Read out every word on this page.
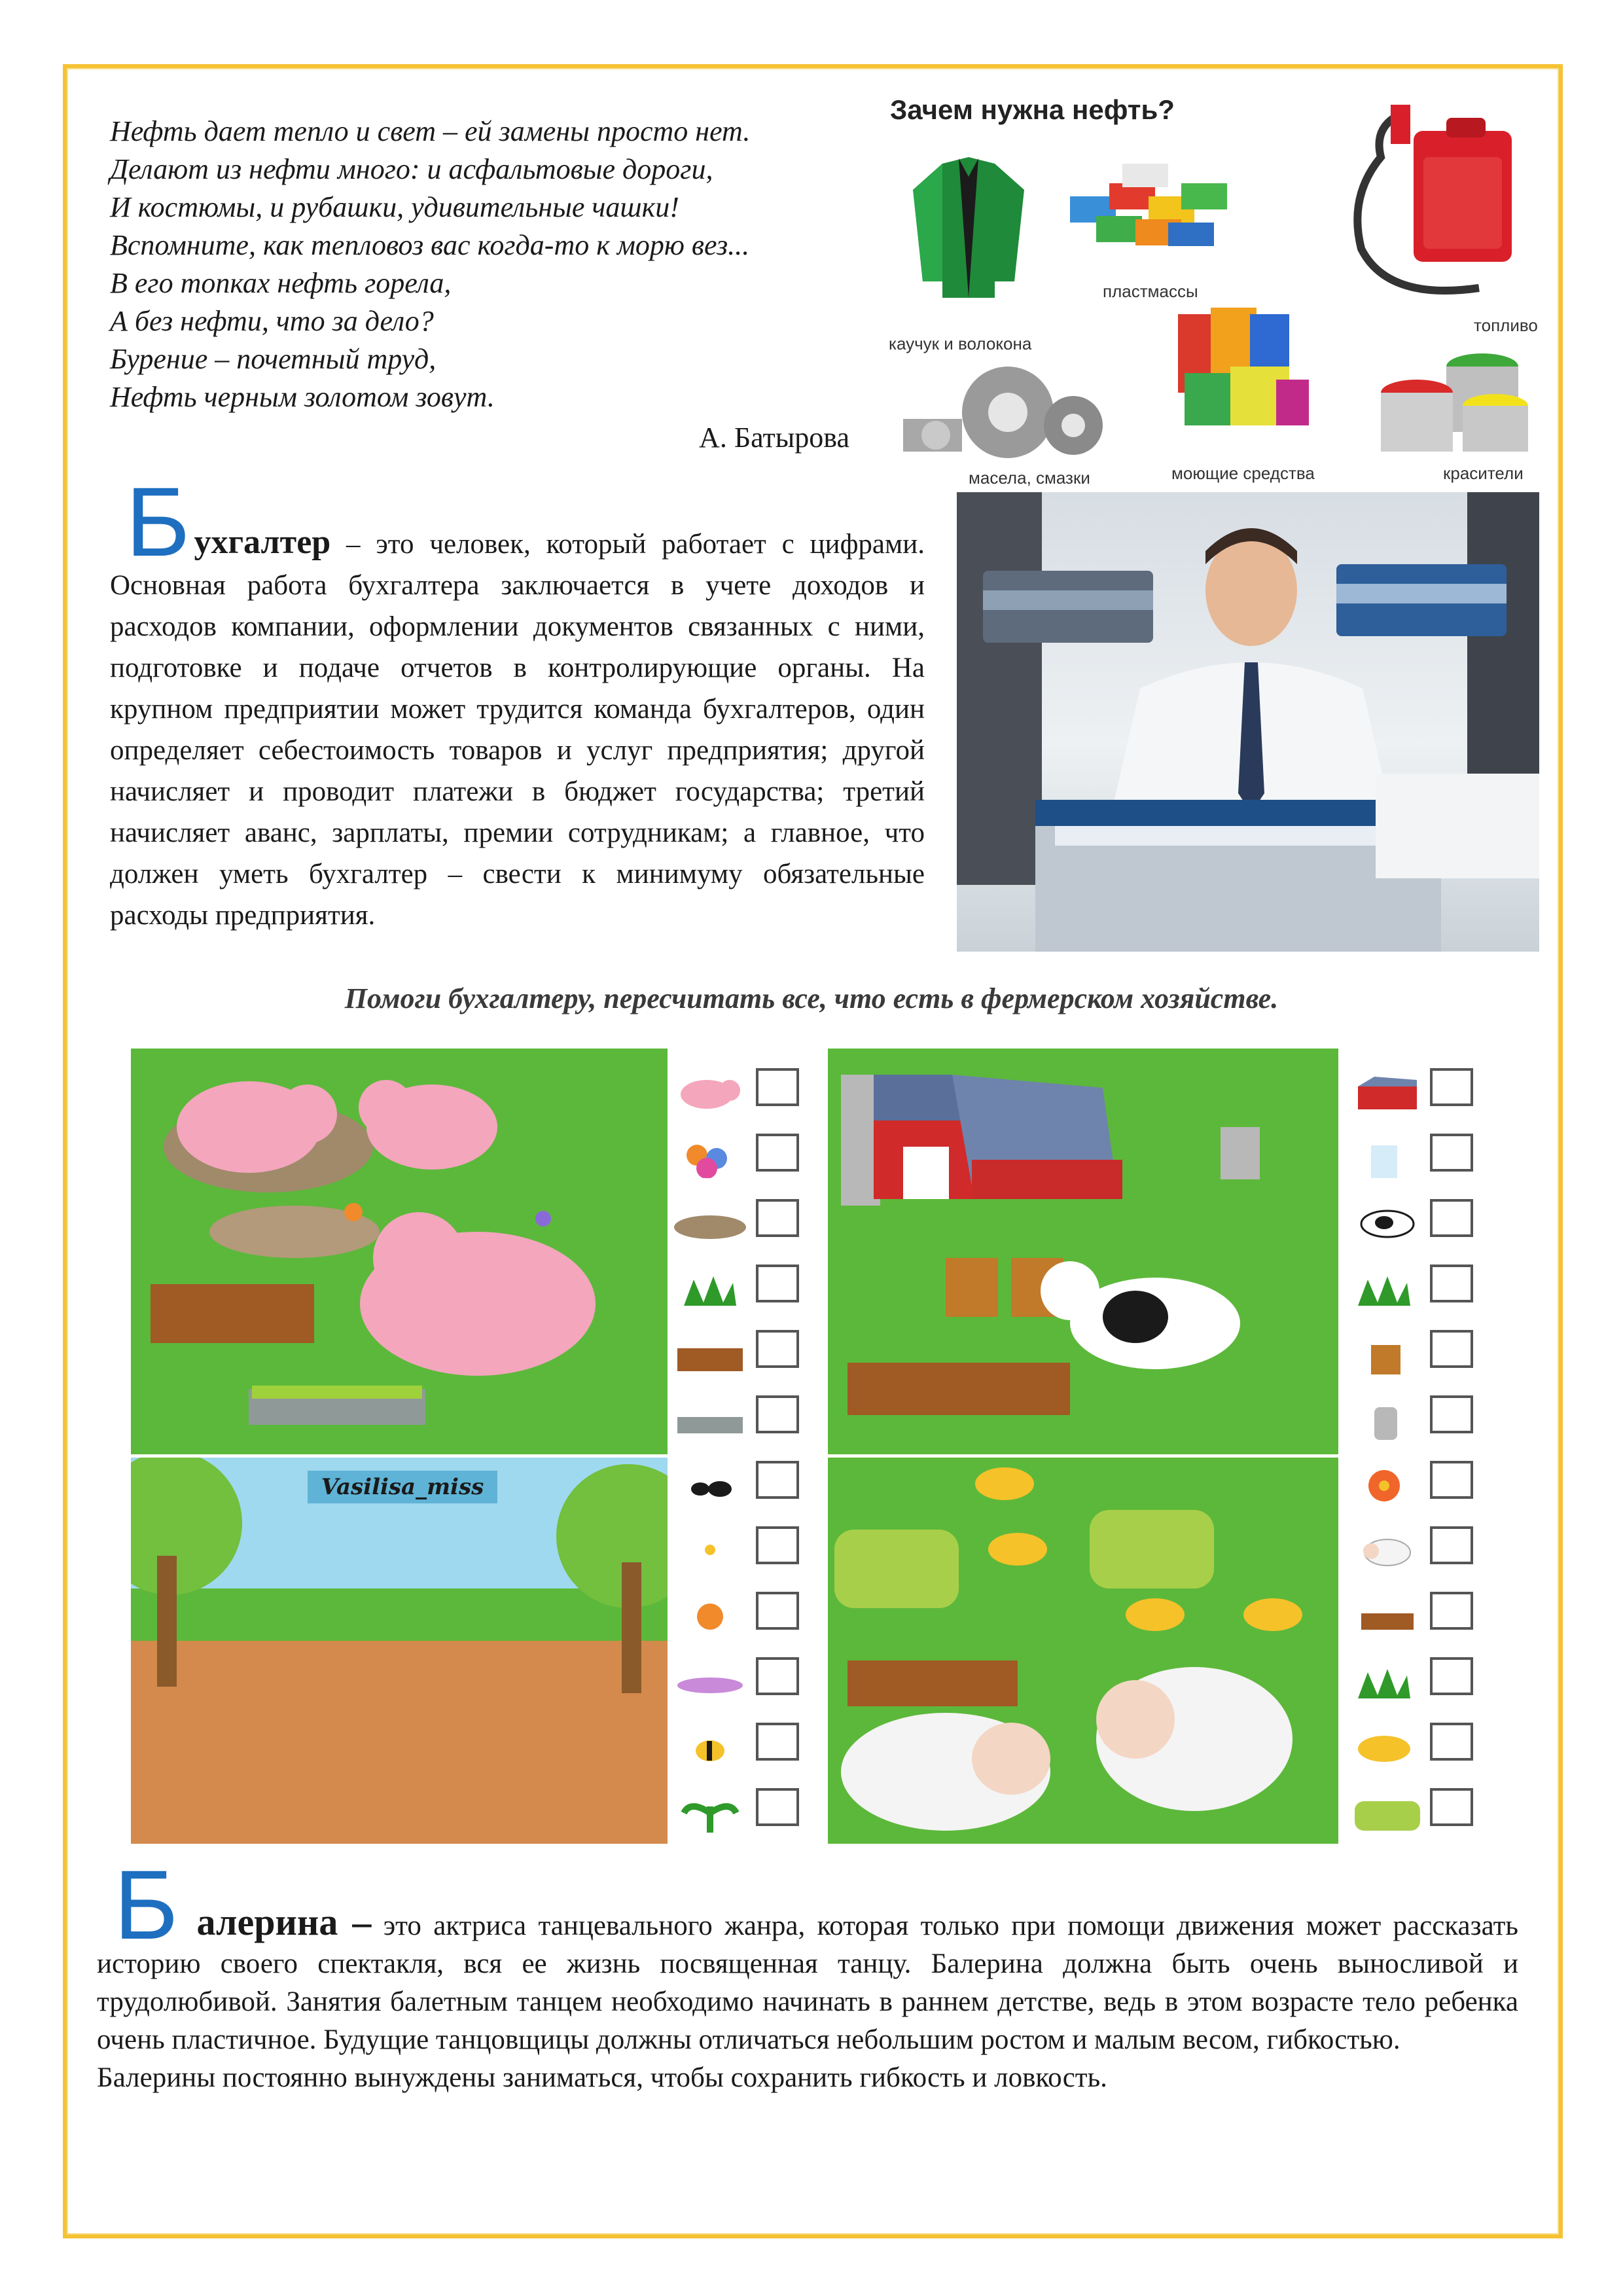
Нефть дает тепло и свет – ей замены просто нет.

Делают из нефти много: и асфальтовые дороги,

И костюмы, и рубашки, удивительные чашки!

Вспомните, как тепловоз вас когда-то к морю вез...

В его топках нефть горела,

А без нефти, что за дело?

Бурение – почетный труд,

Нефть черным золотом зовут.

А. Батырова

Зачем нужна нефть?
пластмассы
топливо
каучук и волокона
масела, смазки	моющие средства	красители
Бухгалтер – это человек, который работает с цифрами. Основная работа бухгалтера заключается в учете доходов и расходов компании, оформлении документов связанных с ними, подготовке и подаче отчетов в контролирующие органы. На крупном предприятии может трудится команда бухгалтеров, один определяет себестоимость товаров и услуг предприятия; другой начисляет и проводит платежи в бюджет государства; третий начисляет аванс, зарплаты, премии сотрудникам; а главное, что должен уметь бухгалтер – свести к минимуму обязательные расходы предприятия.
Помоги бухгалтеру, пересчитать все, что есть в фермерском хозяйстве.
Vasilisa_miss

Балерина – это актриса танцевального жанра, которая только при помощи движения может рассказать историю своего спектакля, вся ее жизнь посвященная танцу. Балерина должна быть очень выносливой и трудолюбивой. Занятия балетным танцем необходимо начинать в раннем детстве, ведь в этом возрасте тело ребенка очень пластичное. Будущие танцовщицы должны отличаться небольшим ростом и малым весом, гибкостью.

Балерины постоянно вынуждены заниматься, чтобы сохранить гибкость и ловкость.
